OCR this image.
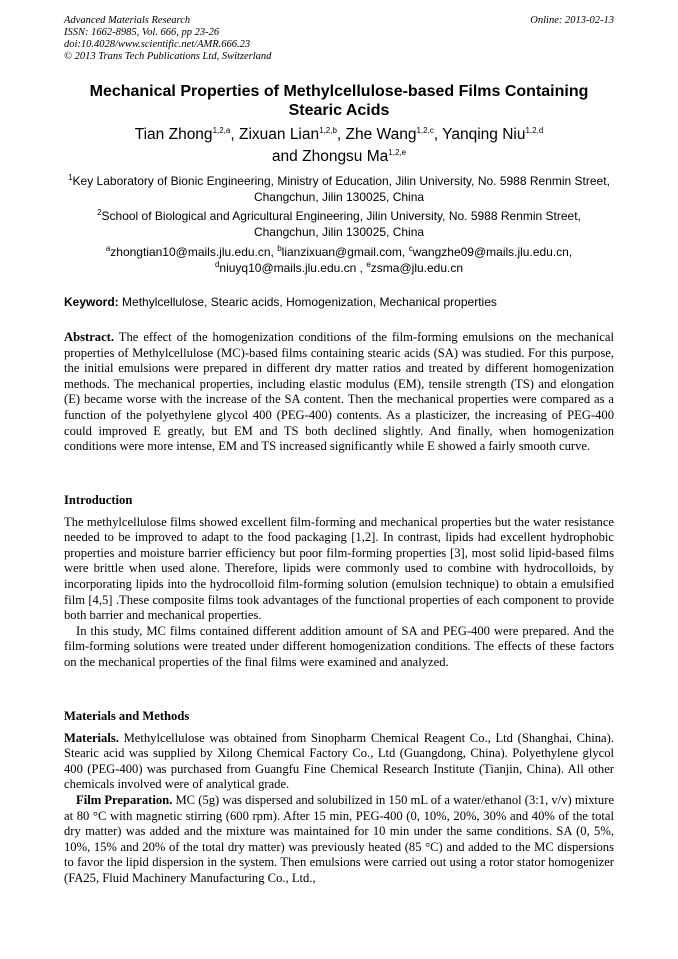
Advanced Materials Research
ISSN: 1662-8985, Vol. 666, pp 23-26
doi:10.4028/www.scientific.net/AMR.666.23
© 2013 Trans Tech Publications Ltd, Switzerland
Online: 2013-02-13
Mechanical Properties of Methylcellulose-based Films Containing Stearic Acids
Tian Zhong$^{1,2,a}$, Zixuan Lian$^{1,2,b}$, Zhe Wang$^{1,2,c}$, Yanqing Niu$^{1,2,d}$
and Zhongsu Ma$^{1,2,e}$
$^1$Key Laboratory of Bionic Engineering, Ministry of Education, Jilin University, No. 5988 Renmin Street, Changchun, Jilin 130025, China
$^2$School of Biological and Agricultural Engineering, Jilin University, No. 5988 Renmin Street, Changchun, Jilin 130025, China
$^a$zhongtian10@mails.jlu.edu.cn, $^b$lianzixuan@gmail.com, $^c$wangzhe09@mails.jlu.edu.cn,
$^d$niuyq10@mails.jlu.edu.cn , $^e$zsma@jlu.edu.cn
Keyword: Methylcellulose, Stearic acids, Homogenization, Mechanical properties

Abstract. The effect of the homogenization conditions of the film-forming emulsions on the mechanical properties of Methylcellulose (MC)-based films containing stearic acids (SA) was studied. For this purpose, the initial emulsions were prepared in different dry matter ratios and treated by different homogenization methods. The mechanical properties, including elastic modulus (EM), tensile strength (TS) and elongation (E) became worse with the increase of the SA content. Then the mechanical properties were compared as a function of the polyethylene glycol 400 (PEG-400) contents. As a plasticizer, the increasing of PEG-400 could improved E greatly, but EM and TS both declined slightly. And finally, when homogenization conditions were more intense, EM and TS increased significantly while E showed a fairly smooth curve.

Introduction

The methylcellulose films showed excellent film-forming and mechanical properties but the water resistance needed to be improved to adapt to the food packaging [1,2]. In contrast, lipids had excellent hydrophobic properties and moisture barrier efficiency but poor film-forming properties [3], most solid lipid-based films were brittle when used alone. Therefore, lipids were commonly used to combine with hydrocolloids, by incorporating lipids into the hydrocolloid film-forming solution (emulsion technique) to obtain a emulsified film [4,5] .These composite films took advantages of the functional properties of each component to provide both barrier and mechanical properties.

In this study, MC films contained different addition amount of SA and PEG-400 were prepared. And the film-forming solutions were treated under different homogenization conditions. The effects of these factors on the mechanical properties of the final films were examined and analyzed.

Materials and Methods

Materials. Methylcellulose was obtained from Sinopharm Chemical Reagent Co., Ltd (Shanghai, China). Stearic acid was supplied by Xilong Chemical Factory Co., Ltd (Guangdong, China). Polyethylene glycol 400 (PEG-400) was purchased from Guangfu Fine Chemical Research Institute (Tianjin, China). All other chemicals involved were of analytical grade.

Film Preparation. MC (5g) was dispersed and solubilized in 150 mL of a water/ethanol (3:1, v/v) mixture at 80 °C with magnetic stirring (600 rpm). After 15 min, PEG-400 (0, 10%, 20%, 30% and 40% of the total dry matter) was added and the mixture was maintained for 10 min under the same conditions. SA (0, 5%, 10%, 15% and 20% of the total dry matter) was previously heated (85 °C) and added to the MC dispersions to favor the lipid dispersion in the system. Then emulsions were carried out using a rotor stator homogenizer (FA25, Fluid Machinery Manufacturing Co., Ltd.,
